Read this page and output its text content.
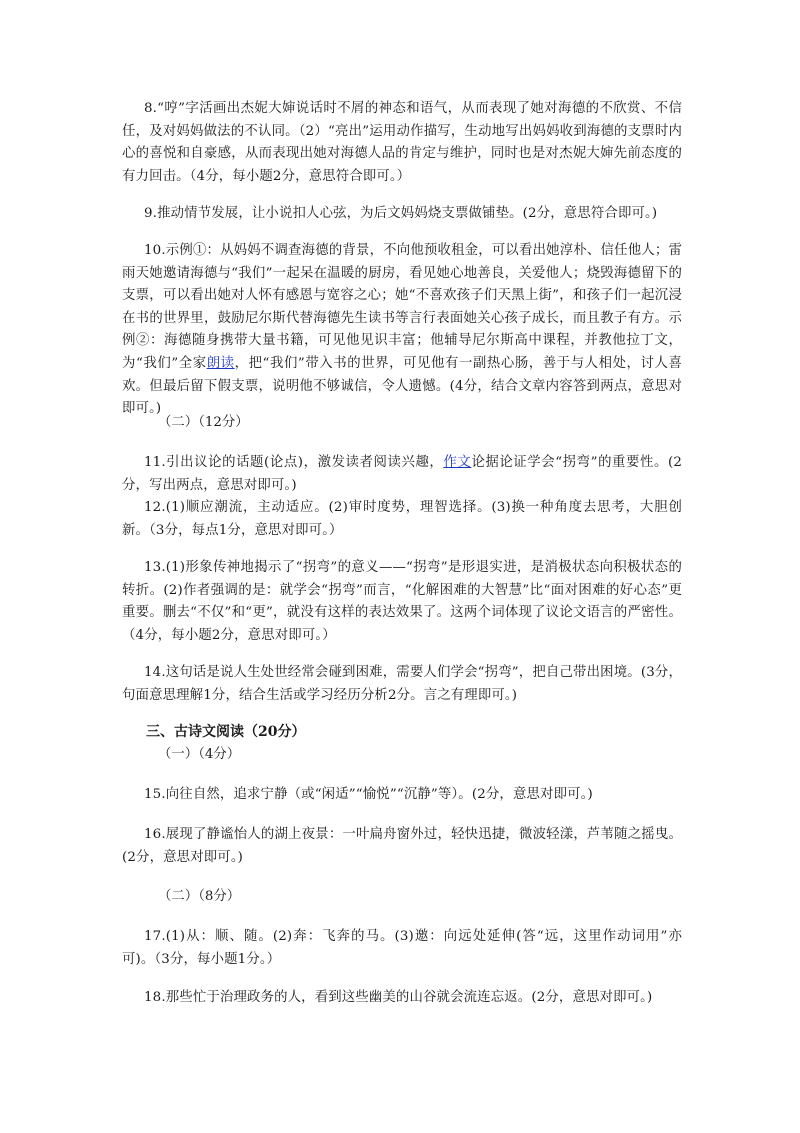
8.“哼”字活画出杰妮大婶说话时不屑的神态和语气，从而表现了她对海德的不欣赏、不信任，及对妈妈做法的不认同。（2）“亮出”运用动作描写，生动地写出妈妈收到海德的支票时内心的喜悦和自豪感，从而表现出她对海德人品的肯定与维护，同时也是对杰妮大婶先前态度的有力回击。（4分，每小题2分，意思符合即可。）

9.推动情节发展，让小说扣人心弦，为后文妈妈烧支票做铺垫。(2分，意思符合即可。)

10.示例①：从妈妈不调查海德的背景，不向他预收租金，可以看出她淳朴、信任他人；雷雨天她邀请海德与“我们”一起呆在温暖的厨房，看见她心地善良，关爱他人；烧毁海德留下的支票，可以看出她对人怀有感恩与宽容之心；她“不喜欢孩子们天黑上街”，和孩子们一起沉浸在书的世界里，鼓励尼尔斯代替海德先生读书等言行表面她关心孩子成长，而且教子有方。示例②：海德随身携带大量书籍，可见他见识丰富；他辅导尼尔斯高中课程，并教他拉丁文，为“我们”全家朗读，把“我们”带入书的世界，可见他有一副热心肠，善于与人相处，讨人喜欢。但最后留下假支票，说明他不够诚信，令人遗憾。(4分，结合文章内容答到两点，意思对即可。)

（二）（12分）

11.引出议论的话题(论点)，激发读者阅读兴趣，作文论据论证学会“拐弯”的重要性。(2分，写出两点，意思对即可。)

12.(1)顺应潮流，主动适应。(2)审时度势，理智选择。(3)换一种角度去思考，大胆创新。（3分，每点1分，意思对即可。）

13.(1)形象传神地揭示了“拐弯”的意义——“拐弯”是形退实进，是消极状态向积极状态的转折。(2)作者强调的是：就学会“拐弯”而言，“化解困难的大智慧”比“面对困难的好心态”更重要。删去“不仅”和“更”，就没有这样的表达效果了。这两个词体现了议论文语言的严密性。（4分，每小题2分，意思对即可。）

14.这句话是说人生处世经常会碰到困难，需要人们学会“拐弯”，把自己带出困境。(3分，句面意思理解1分，结合生活或学习经历分析2分。言之有理即可。)

三、古诗文阅读（20分）

（一）（4分）

15.向往自然，追求宁静（或“闲适”“愉悦”“沉静”等）。(2分，意思对即可。)

16.展现了静谧怡人的湖上夜景：一叶扁舟窗外过，轻快迅捷，微波轻漾，芦苇随之摇曳。(2分，意思对即可。)

（二）（8分）

17.(1)从：顺、随。(2)奔：飞奔的马。(3)邀：向远处延伸(答“远，这里作动词用”亦可)。（3分，每小题1分。）

18.那些忙于治理政务的人，看到这些幽美的山谷就会流连忘返。(2分，意思对即可。)
